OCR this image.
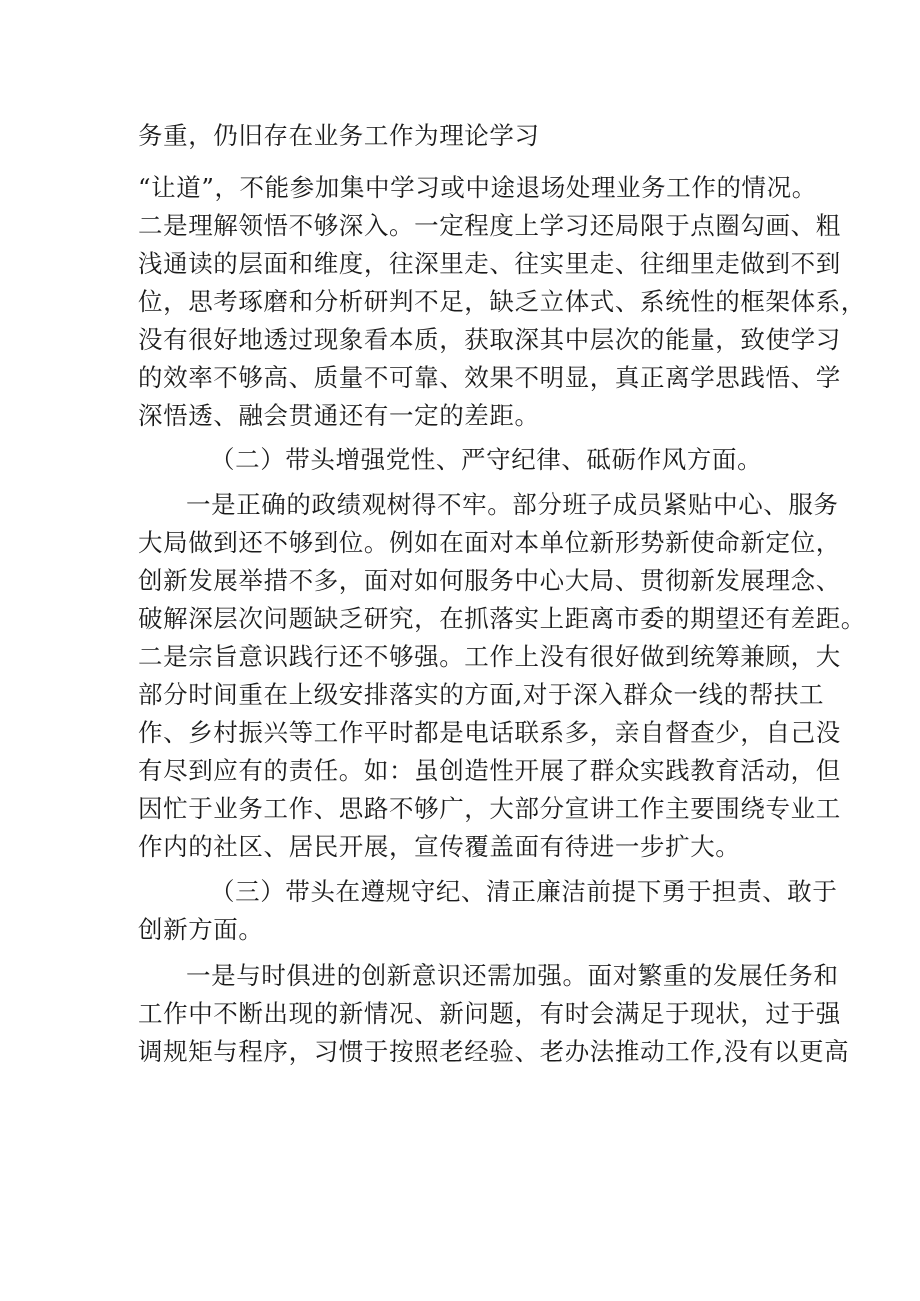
务重，仍旧存在业务工作为理论学习
“让道”，不能参加集中学习或中途退场处理业务工作的情况。
二是理解领悟不够深入。一定程度上学习还局限于点圈勾画、粗
浅通读的层面和维度，往深里走、往实里走、往细里走做到不到
位，思考琢磨和分析研判不足，缺乏立体式、系统性的框架体系，
没有很好地透过现象看本质，获取深其中层次的能量，致使学习
的效率不够高、质量不可靠、效果不明显，真正离学思践悟、学
深悟透、融会贯通还有一定的差距。
（二）带头增强党性、严守纪律、砥砺作风方面。
一是正确的政绩观树得不牢。部分班子成员紧贴中心、服务
大局做到还不够到位。例如在面对本单位新形势新使命新定位，
创新发展举措不多，面对如何服务中心大局、贯彻新发展理念、
破解深层次问题缺乏研究，在抓落实上距离市委的期望还有差距。
二是宗旨意识践行还不够强。工作上没有很好做到统筹兼顾，大
部分时间重在上级安排落实的方面,对于深入群众一线的帮扶工
作、乡村振兴等工作平时都是电话联系多，亲自督查少，自己没
有尽到应有的责任。如：虽创造性开展了群众实践教育活动，但
因忙于业务工作、思路不够广，大部分宣讲工作主要围绕专业工
作内的社区、居民开展，宣传覆盖面有待进一步扩大。
（三）带头在遵规守纪、清正廉洁前提下勇于担责、敢于
创新方面。
一是与时俱进的创新意识还需加强。面对繁重的发展任务和
工作中不断出现的新情况、新问题，有时会满足于现状，过于强
调规矩与程序，习惯于按照老经验、老办法推动工作,没有以更高
